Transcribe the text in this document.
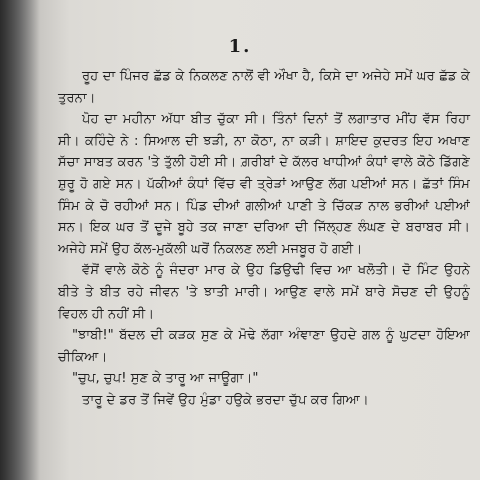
1.

ਰੂਹ ਦਾ ਪਿੰਜਰ ਛੱਡ ਕੇ ਨਿਕਲਣ ਨਾਲੋਂ ਵੀ ਔਖਾ ਹੈ, ਕਿਸੇ ਦਾ ਅਜੇਹੇ ਸਮੇਂ ਘਰ ਛੱਡ ਕੇ ਤੁਰਨਾ।

ਪੋਹ ਦਾ ਮਹੀਨਾ ਅੱਧਾ ਬੀਤ ਚੁੱਕਾ ਸੀ। ਤਿੰਨਾਂ ਦਿਨਾਂ ਤੋਂ ਲਗਾਤਾਰ ਮੀਂਹ ਵੱਸ ਰਿਹਾ ਸੀ। ਕਹਿੰਦੇ ਨੇ : ਸਿਆਲ ਦੀ ਝੜੀ, ਨਾ ਕੋਠਾ, ਨਾ ਕੜੀ। ਸ਼ਾਇਦ ਕੁਦਰਤ ਇਹ ਅਖਾਣ ਸੱਚਾ ਸਾਬਤ ਕਰਨ 'ਤੇ ਤੁੱਲੀ ਹੋਈ ਸੀ। ਗ਼ਰੀਬਾਂ ਦੇ ਕੱਲਰ ਖਾਧੀਆਂ ਕੰਧਾਂ ਵਾਲੇ ਕੋਠੇ ਡਿੱਗਣੇ ਸ਼ੁਰੂ ਹੋ ਗਏ ਸਨ। ਪੱਕੀਆਂ ਕੰਧਾਂ ਵਿੱਚ ਵੀ ਤ੍ਰੇੜਾਂ ਆਉਣ ਲੱਗ ਪਈਆਂ ਸਨ। ਛੱਤਾਂ ਸਿੰਮ ਸਿੰਮ ਕੇ ਚੋ ਰਹੀਆਂ ਸਨ। ਪਿੰਡ ਦੀਆਂ ਗਲੀਆਂ ਪਾਣੀ ਤੇ ਚਿੱਕੜ ਨਾਲ ਭਰੀਆਂ ਪਈਆਂ ਸਨ। ਇਕ ਘਰ ਤੋਂ ਦੂਜੇ ਬੂਹੇ ਤਕ ਜਾਣਾ ਦਰਿਆ ਦੀ ਜਿੱਲ੍ਹਣ ਲੰਘਣ ਦੇ ਬਰਾਬਰ ਸੀ। ਅਜੇਹੇ ਸਮੇਂ ਉਹ ਕੱਲ-ਮੁਕੱਲੀ ਘਰੋਂ ਨਿਕਲਣ ਲਈ ਮਜਬੂਰ ਹੋ ਗਈ।

ਵੱਸੋਂ ਵਾਲੇ ਕੋਠੇ ਨੂੰ ਜੰਦਰਾ ਮਾਰ ਕੇ ਉਹ ਡਿਉਢੀ ਵਿਚ ਆ ਖਲੋਤੀ। ਦੋ ਮਿੰਟ ਉਹਨੇ ਬੀਤੇ ਤੇ ਬੀਤ ਰਹੇ ਜੀਵਨ 'ਤੇ ਝਾਤੀ ਮਾਰੀ। ਆਉਣ ਵਾਲੇ ਸਮੇਂ ਬਾਰੇ ਸੋਚਣ ਦੀ ਉਹਨੂੰ ਵਿਹਲ ਹੀ ਨਹੀਂ ਸੀ।

"ਝਾਬੀ!" ਬੱਦਲ ਦੀ ਕੜਕ ਸੁਣ ਕੇ ਮੋਢੇ ਲੱਗਾ ਅੰਞਾਣਾ ਉਹਦੇ ਗਲ ਨੂੰ ਘੁਟਦਾ ਹੋਇਆ ਚੀਕਿਆ।

"ਚੁਪ, ਚੁਪ! ਸੁਣ ਕੇ ਤਾਰੂ ਆ ਜਾਊਗਾ।"

ਤਾਰੂ ਦੇ ਡਰ ਤੋਂ ਜਿਵੇਂ ਉਹ ਮੁੰਡਾ ਹਉਕੇ ਭਰਦਾ ਚੁੱਪ ਕਰ ਗਿਆ।
